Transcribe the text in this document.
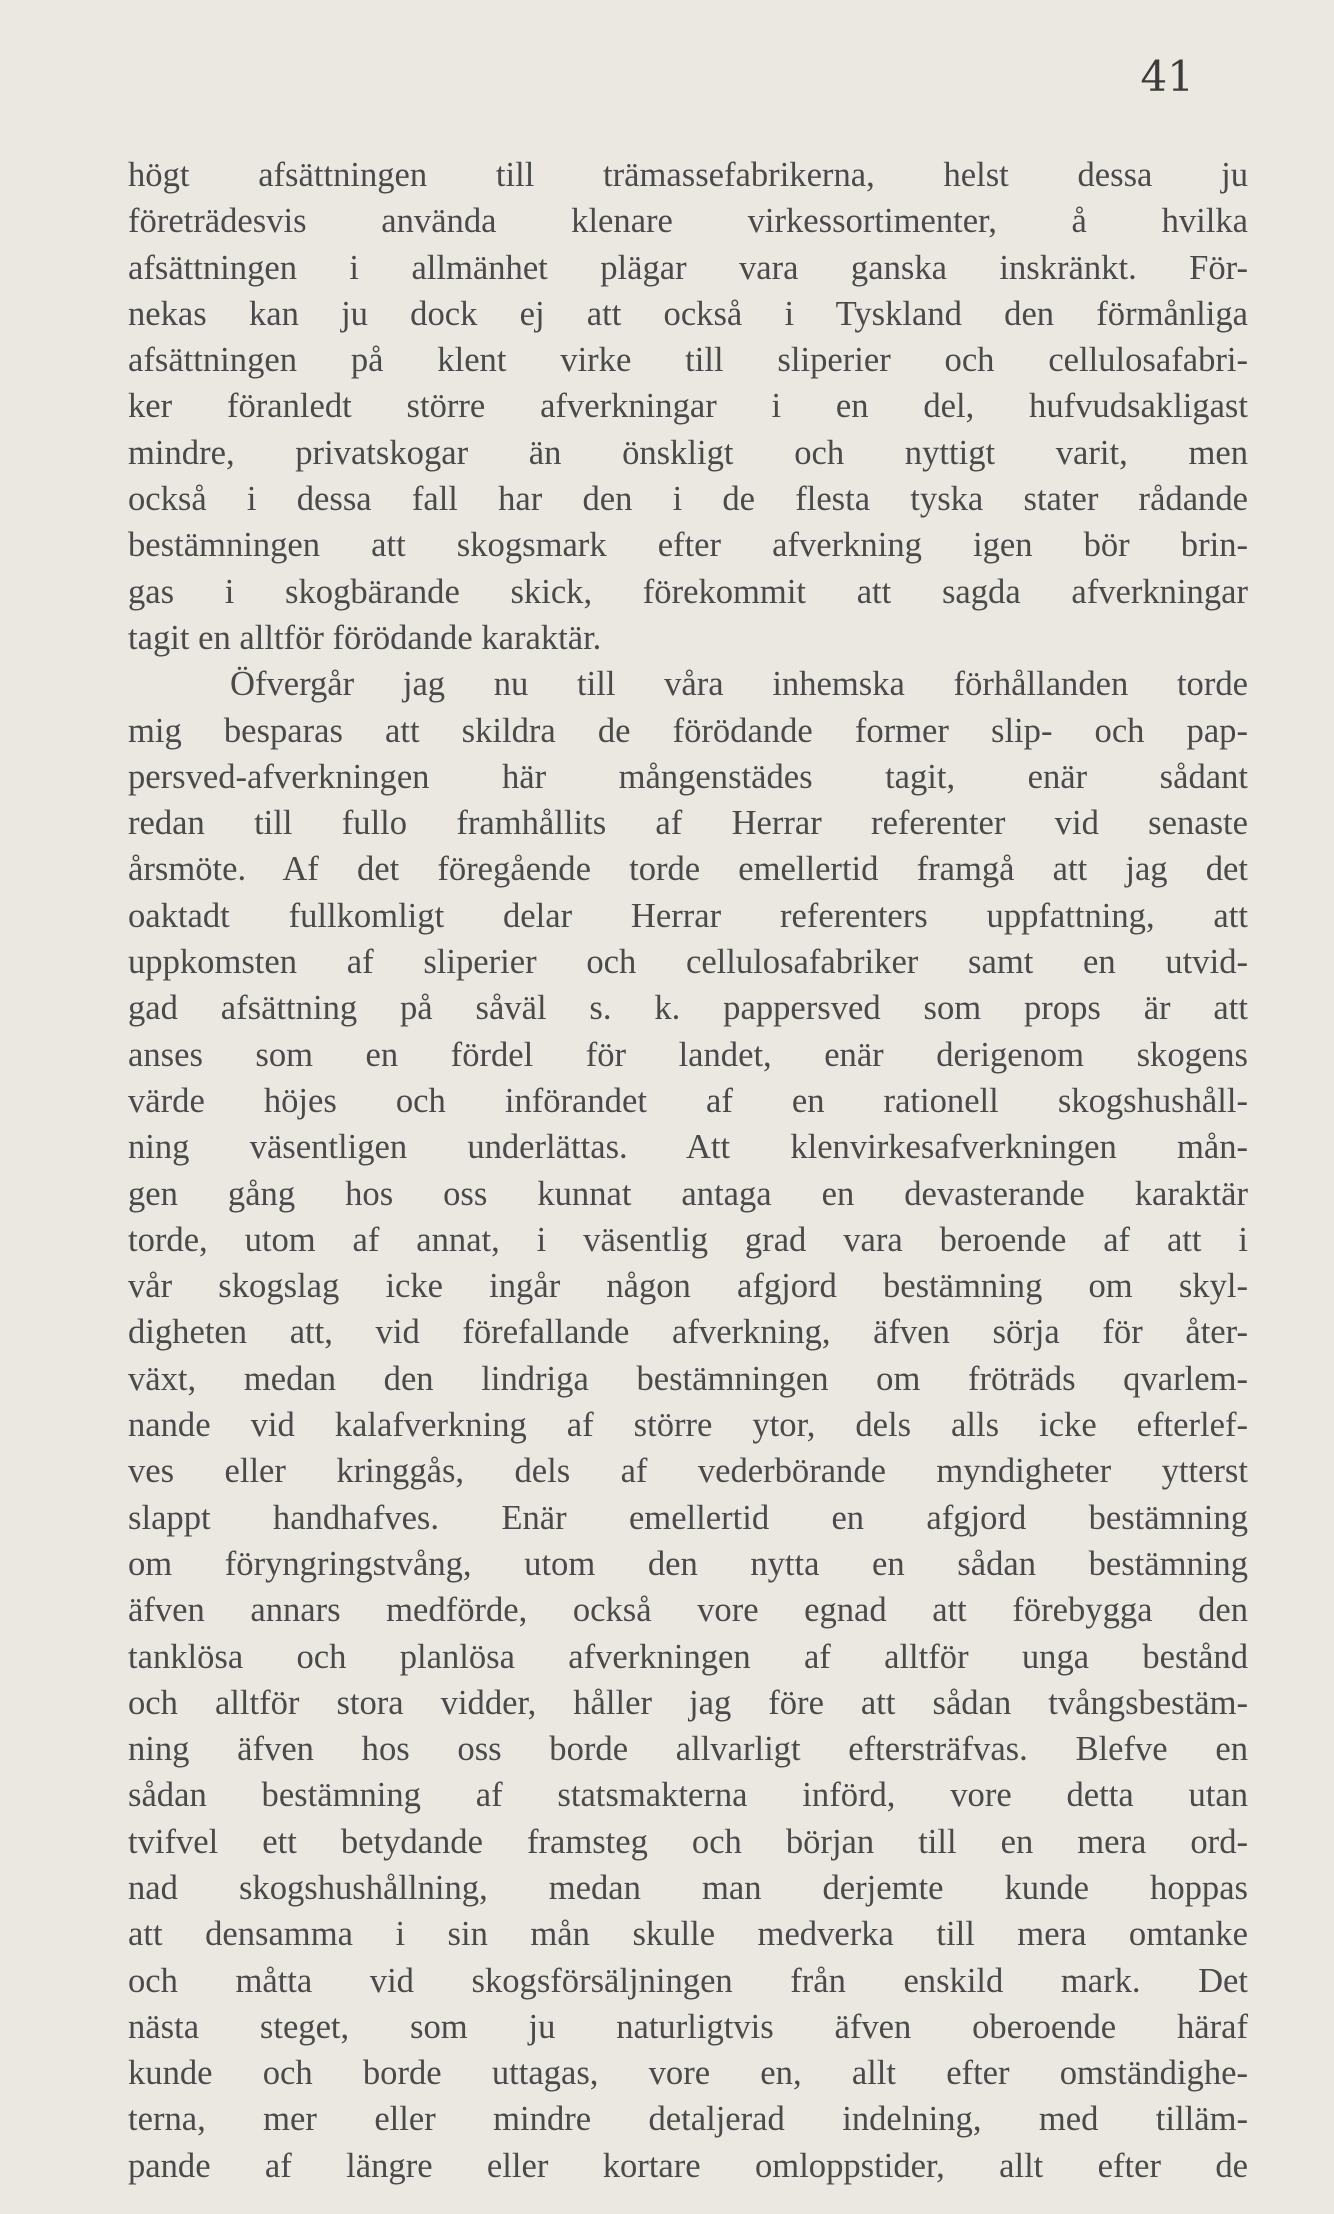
41
högt afsättningen till trämassefabrikerna, helst dessa ju
företrädesvis använda klenare virkessortimenter, å hvilka
afsättningen i allmänhet plägar vara ganska inskränkt. För-
nekas kan ju dock ej att också i Tyskland den förmånliga
afsättningen på klent virke till sliperier och cellulosafabri-
ker föranledt större afverkningar i en del, hufvudsakligast
mindre, privatskogar än önskligt och nyttigt varit, men
också i dessa fall har den i de flesta tyska stater rådande
bestämningen att skogsmark efter afverkning igen bör brin-
gas i skogbärande skick, förekommit att sagda afverkningar
tagit en alltför förödande karaktär.
Öfvergår jag nu till våra inhemska förhållanden torde
mig besparas att skildra de förödande former slip- och pap-
persved-afverkningen här mångenstädes tagit, enär sådant
redan till fullo framhållits af Herrar referenter vid senaste
årsmöte. Af det föregående torde emellertid framgå att jag det
oaktadt fullkomligt delar Herrar referenters uppfattning, att
uppkomsten af sliperier och cellulosafabriker samt en utvid-
gad afsättning på såväl s. k. pappersved som props är att
anses som en fördel för landet, enär derigenom skogens
värde höjes och införandet af en rationell skogshushåll-
ning väsentligen underlättas. Att klenvirkesafverkningen mån-
gen gång hos oss kunnat antaga en devasterande karaktär
torde, utom af annat, i väsentlig grad vara beroende af att i
vår skogslag icke ingår någon afgjord bestämning om skyl-
digheten att, vid förefallande afverkning, äfven sörja för åter-
växt, medan den lindriga bestämningen om fröträds qvarlem-
nande vid kalafverkning af större ytor, dels alls icke efterlef-
ves eller kringgås, dels af vederbörande myndigheter ytterst
slappt handhafves. Enär emellertid en afgjord bestämning
om föryngringstvång, utom den nytta en sådan bestämning
äfven annars medförde, också vore egnad att förebygga den
tanklösa och planlösa afverkningen af alltför unga bestånd
och alltför stora vidder, håller jag före att sådan tvångsbestäm-
ning äfven hos oss borde allvarligt eftersträfvas. Blefve en
sådan bestämning af statsmakterna införd, vore detta utan
tvifvel ett betydande framsteg och början till en mera ord-
nad skogshushållning, medan man derjemte kunde hoppas
att densamma i sin mån skulle medverka till mera omtanke
och måtta vid skogsförsäljningen från enskild mark. Det
nästa steget, som ju naturligtvis äfven oberoende häraf
kunde och borde uttagas, vore en, allt efter omständighe-
terna, mer eller mindre detaljerad indelning, med tilläm-
pande af längre eller kortare omloppstider, allt efter de
